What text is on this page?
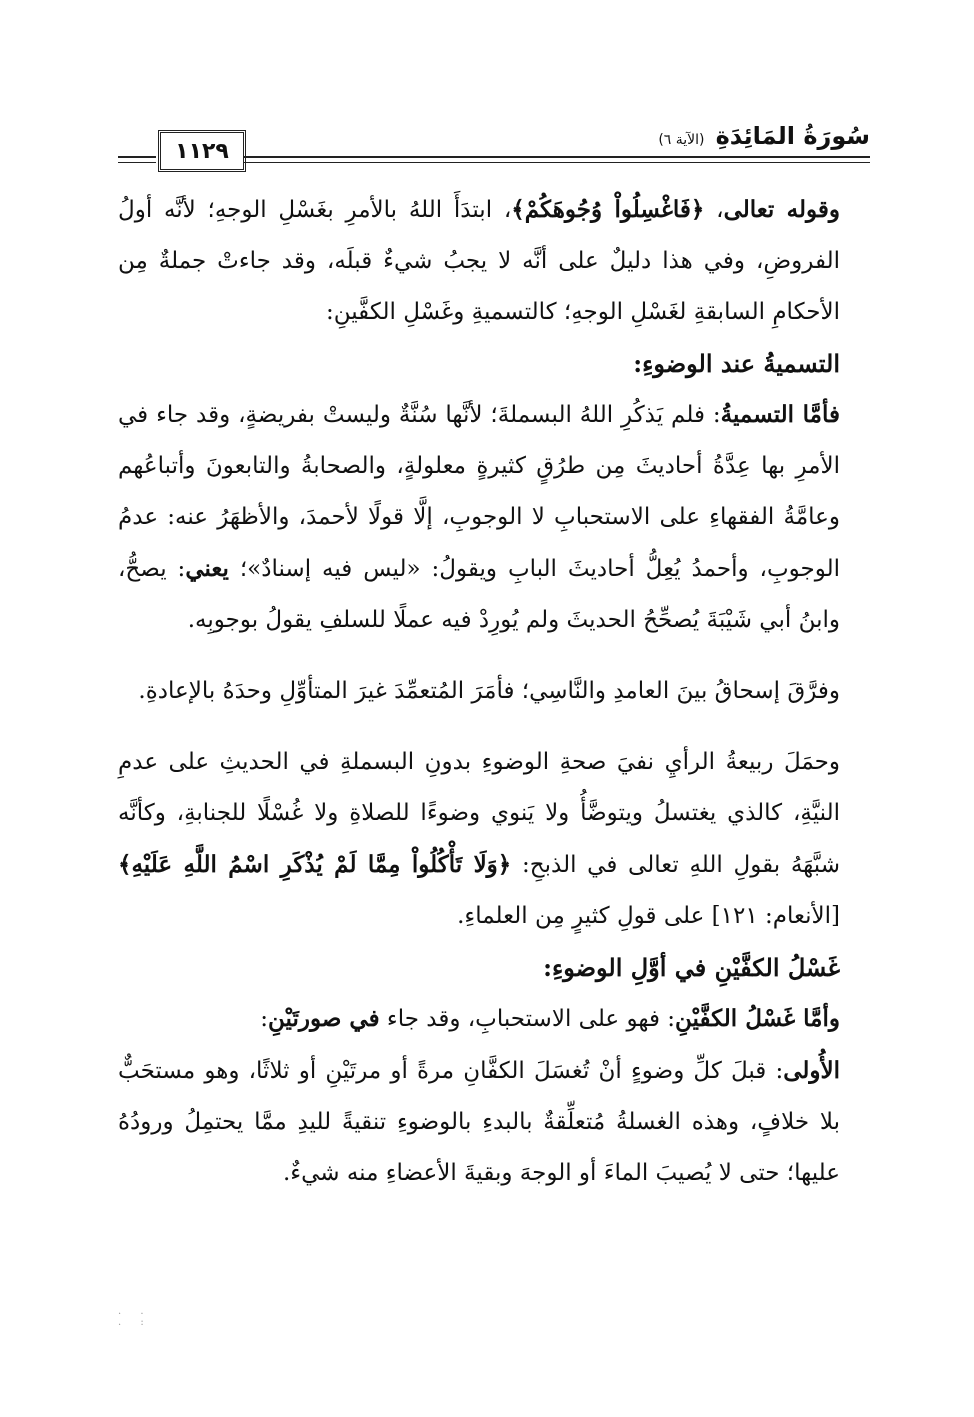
١١٢٩
سُورَةُ المَائِدَةِ (الآية ٦)

وقوله تعالى، ﴿فَاغْسِلُواْ وُجُوهَكُمْ﴾، ابتدَأَ اللهُ بالأمرِ بغَسْلِ الوجهِ؛ لأنَّه أولُ الفروضِ، وفي هذا دليلٌ على أنَّه لا يجبُ شيءٌ قبلَه، وقد جاءتْ جملةٌ مِن الأحكامِ السابقةِ لغَسْلِ الوجهِ؛ كالتسميةِ وغَسْلِ الكفَّينِ:

التسميةُ عند الوضوءِ:

فأمَّا التسميةُ: فلم يَذكُرِ اللهُ البسملةَ؛ لأنَّها سُنَّةٌ وليستْ بفريضةٍ، وقد جاء في الأمرِ بها عِدَّةُ أحاديثَ مِن طرُقٍ كثيرةٍ معلولةٍ، والصحابةُ والتابعونَ وأتباعُهم وعامَّةُ الفقهاءِ على الاستحبابِ لا الوجوبِ، إلَّا قولًا لأحمدَ، والأظهَرُ عنه: عدمُ الوجوبِ، وأحمدُ يُعِلُّ أحاديثَ البابِ ويقولُ: «ليس فيه إسنادٌ»؛ يعني: يصحُّ، وابنُ أبي شَيْبَةَ يُصحِّحُ الحديثَ ولم يُورِدْ فيه عملًا للسلفِ يقولُ بوجوبِه.

وفرَّقَ إسحاقُ بينَ العامدِ والنَّاسِي؛ فأمَرَ المُتعمِّدَ غيرَ المتأوِّلِ وحدَهُ بالإعادةِ.

وحمَلَ ربيعةُ الرأيِ نفيَ صحةِ الوضوءِ بدونِ البسملةِ في الحديثِ على عدمِ النيَّةِ، كالذي يغتسلُ ويتوضَّأُ ولا يَنوي وضوءًا للصلاةِ ولا غُسْلًا للجنابةِ، وكأنَّه شبَّهَهُ بقولِ اللهِ تعالى في الذبحِ: ﴿وَلَا تَأْكُلُواْ مِمَّا لَمْ يُذْكَرِ اسْمُ اللَّهِ عَلَيْهِ﴾ [الأنعام: ١٢١] على قولِ كثيرٍ مِن العلماءِ.

غَسْلُ الكفَّيْنِ في أوَّلِ الوضوءِ:

وأمَّا غَسْلُ الكفَّيْنِ: فهو على الاستحبابِ، وقد جاء في صورتَيْنِ:

الأُولى: قبلَ كلِّ وضوءٍ أنْ تُغسَلَ الكفَّانِ مرةً أو مرتَيْنِ أو ثلاثًا، وهو مستحَبٌّ بلا خلافٍ، وهذه الغسلةُ مُتعلِّقةٌ بالبدءِ بالوضوءِ تنقيةً لليدِ ممَّا يحتمِلُ ورودُهُ عليها؛ حتى لا يُصيبَ الماءَ أو الوجهَ وبقيةَ الأعضاءِ منه شيءٌ.

. .
. :
